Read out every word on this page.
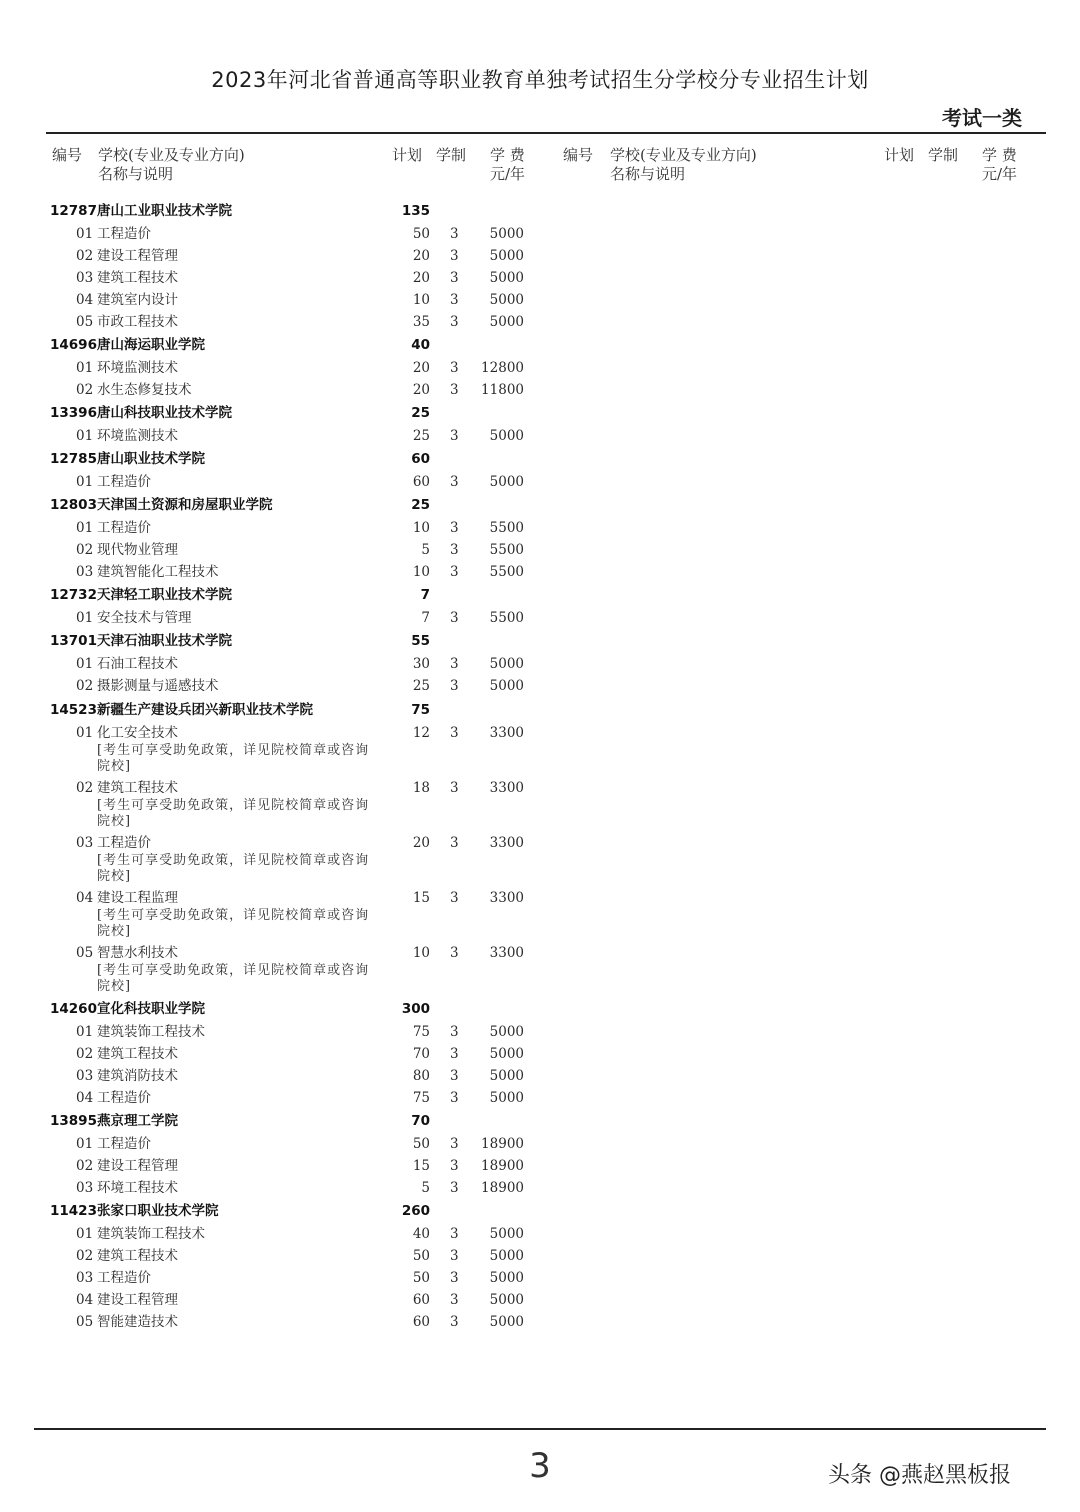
2023年河北省普通高等职业教育单独考试招生分学校分专业招生计划
考试一类
编号 学校(专业及专业方向)
名称与说明
计划 学制 学 费
元/年
编号 学校(专业及专业方向)
名称与说明
计划 学制 学 费
元/年
12787 唐山工业职业技术学院	135
01 工程造价	50 3	5000
02 建设工程管理	20 3	5000
03 建筑工程技术	20 3	5000
04 建筑室内设计	10 3	5000
05 市政工程技术	35 3	5000
14696 唐山海运职业学院	40
01 环境监测技术	20 3	12800
02 水生态修复技术	20 3	11800
13396 唐山科技职业技术学院	25
01 环境监测技术	25 3	5000
12785 唐山职业技术学院	60
01 工程造价	60 3	5000
12803 天津国土资源和房屋职业学院	25
01 工程造价	10 3	5500
02 现代物业管理	5 3	5500
03 建筑智能化工程技术	10 3	5500
12732 天津轻工职业技术学院	7
01 安全技术与管理	7 3	5500
13701 天津石油职业技术学院	55
01 石油工程技术	30 3	5000
02 摄影测量与遥感技术	25 3	5000
14523 新疆生产建设兵团兴新职业技术学院	75
01 化工安全技术	12 3	3300
[考生可享受助免政策，详见院校简章或咨询
院校]
02 建筑工程技术	18 3	3300
[考生可享受助免政策，详见院校简章或咨询
院校]
03 工程造价	20 3	3300
[考生可享受助免政策，详见院校简章或咨询
院校]
04 建设工程监理	15 3	3300
[考生可享受助免政策，详见院校简章或咨询
院校]
05 智慧水利技术	10 3	3300
[考生可享受助免政策，详见院校简章或咨询
院校]
14260 宣化科技职业学院	300
01 建筑装饰工程技术	75 3	5000
02 建筑工程技术	70 3	5000
03 建筑消防技术	80 3	5000
04 工程造价	75 3	5000
13895 燕京理工学院	70
01 工程造价	50 3	18900
02 建设工程管理	15 3	18900
03 环境工程技术	5 3	18900
11423 张家口职业技术学院	260
01 建筑装饰工程技术	40 3	5000
02 建筑工程技术	50 3	5000
03 工程造价	50 3	5000
04 建设工程管理	60 3	5000
05 智能建造技术	60 3	5000
3	头条 @燕赵黑板报
